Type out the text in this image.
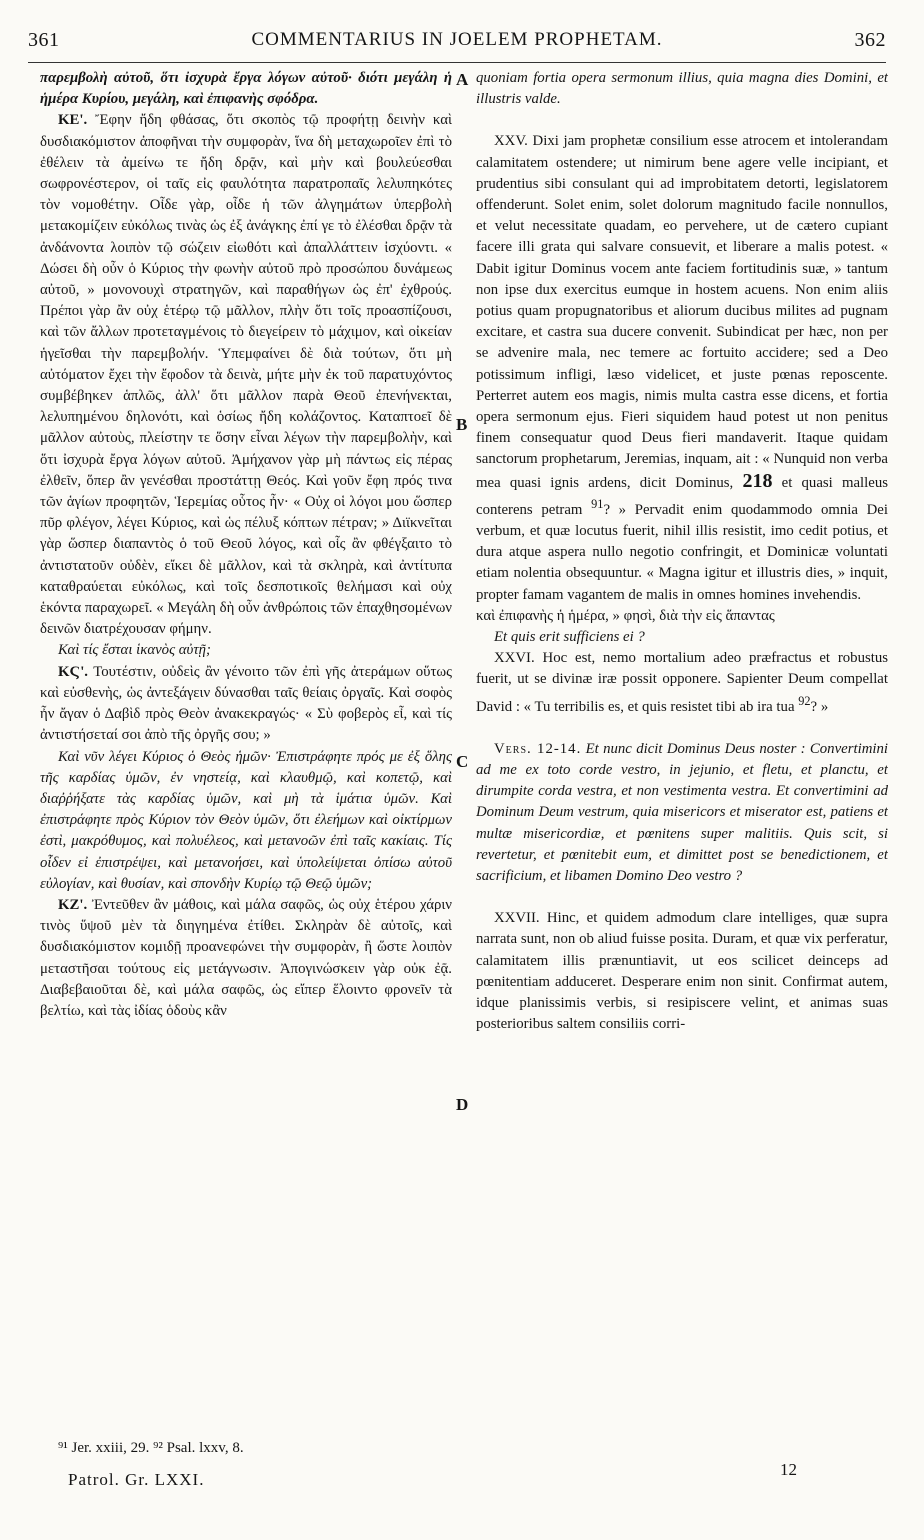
361	COMMENTARIUS IN JOELEM PROPHETAM.	362
A
B
C
D

παρεμβολὴ αὐτοῦ, ὅτι ἰσχυρὰ ἔργα λόγων αὐτοῦ· διότι μεγάλη ἡ ἡμέρα Κυρίου, μεγάλη, καὶ ἐπιφανὴς σφόδρα.

ΚΕ'. Ἔφην ἤδη φθάσας, ὅτι σκοπὸς τῷ προφήτῃ δεινὴν καὶ δυσδιακόμιστον ἀποφῆναι τὴν συμφορὰν, ἵνα δὴ μεταχωροῖεν ἐπὶ τὸ ἐθέλειν τὰ ἀμείνω τε ἤδη δρᾷν, καὶ μὴν καὶ βουλεύεσθαι σωφρονέστερον, οἱ ταῖς εἰς φαυλότητα παρατροπαῖς λελυπηκότες τὸν νομοθέτην. Οἶδε γὰρ, οἶδε ἡ τῶν ἀλγημάτων ὑπερβολὴ μετακομίζειν εὐκόλως τινὰς ὡς ἐξ ἀνάγκης ἐπί γε τὸ ἐλέσθαι δρᾷν τὰ ἀνδάνοντα λοιπὸν τῷ σώζειν εἰωθότι καὶ ἀπαλλάττειν ἰσχύοντι. « Δώσει δὴ οὖν ὁ Κύριος τὴν φωνὴν αὐτοῦ πρὸ προσώπου δυνάμεως αὐτοῦ, » μονονουχὶ στρατηγῶν, καὶ παραθήγων ὡς ἐπ' ἐχθρούς. Πρέποι γὰρ ἂν οὐχ ἑτέρῳ τῷ μᾶλλον, πλὴν ὅτι τοῖς προασπίζουσι, καὶ τῶν ἄλλων προτεταγμένοις τὸ διεγείρειν τὸ μάχιμον, καὶ οἰκείαν ἡγεῖσθαι τὴν παρεμβολήν. Ὑπεμφαίνει δὲ διὰ τούτων, ὅτι μὴ αὐτόματον ἔχει τὴν ἔφοδον τὰ δεινὰ, μήτε μὴν ἐκ τοῦ παρατυχόντος συμβέβηκεν ἁπλῶς, ἀλλ' ὅτι μᾶλλον παρὰ Θεοῦ ἐπενήνεκται, λελυπημένου δηλονότι, καὶ ὁσίως ἤδη κολάζοντος. Καταπτοεῖ δὲ μᾶλλον αὐτοὺς, πλείστην τε ὅσην εἶναι λέγων τὴν παρεμβολὴν, καὶ ὅτι ἰσχυρὰ ἔργα λόγων αὐτοῦ. Ἀμήχανον γὰρ μὴ πάντως εἰς πέρας ἐλθεῖν, ὅπερ ἂν γενέσθαι προστάττῃ Θεός. Καὶ γοῦν ἔφη πρός τινα τῶν ἁγίων προφητῶν, Ἱερεμίας οὗτος ἦν· « Οὐχ οἱ λόγοι μου ὥσπερ πῦρ φλέγον, λέγει Κύριος, καὶ ὡς πέλυξ κόπτων πέτραν; » Διϊκνεῖται γὰρ ὥσπερ διαπαντὸς ὁ τοῦ Θεοῦ λόγος, καὶ οἷς ἂν φθέγξαιτο τὸ ἀντιστατοῦν οὐδὲν, εἴκει δὲ μᾶλλον, καὶ τὰ σκληρὰ, καὶ ἀντίτυπα καταθραύεται εὐκόλως, καὶ τοῖς δεσποτικοῖς θελήμασι καὶ οὐχ ἑκόντα παραχωρεῖ. « Μεγάλη δὴ οὖν ἀνθρώποις τῶν ἐπαχθησομένων δεινῶν διατρέχουσαν φήμην.

Καὶ τίς ἔσται ἱκανὸς αὐτῇ;

ΚϚ'. Τουτέστιν, οὐδεὶς ἂν γένοιτο τῶν ἐπὶ γῆς ἀτεράμων οὕτως καὶ εὐσθενὴς, ὡς ἀντεξάγειν δύνασθαι ταῖς θείαις ὀργαῖς. Καὶ σοφὸς ἦν ἄγαν ὁ Δαβὶδ πρὸς Θεὸν ἀνακεκραγώς· « Σὺ φοβερὸς εἶ, καὶ τίς ἀντιστήσεταί σοι ἀπὸ τῆς ὀργῆς σου; »

Καὶ νῦν λέγει Κύριος ὁ Θεὸς ἡμῶν· Ἐπιστράφητε πρός με ἐξ ὅλης τῆς καρδίας ὑμῶν, ἐν νηστείᾳ, καὶ κλαυθμῷ, καὶ κοπετῷ, καὶ διαῤῥήξατε τὰς καρδίας ὑμῶν, καὶ μὴ τὰ ἱμάτια ὑμῶν. Καὶ ἐπιστράφητε πρὸς Κύριον τὸν Θεὸν ὑμῶν, ὅτι ἐλεήμων καὶ οἰκτίρμων ἐστὶ, μακρόθυμος, καὶ πολυέλεος, καὶ μετανοῶν ἐπὶ ταῖς κακίαις. Τίς οἶδεν εἰ ἐπιστρέψει, καὶ μετανοήσει, καὶ ὑπολείψεται ὀπίσω αὐτοῦ εὐλογίαν, καὶ θυσίαν, καὶ σπονδὴν Κυρίῳ τῷ Θεῷ ὑμῶν;

ΚΖ'. Ἐντεῦθεν ἂν μάθοις, καὶ μάλα σαφῶς, ὡς οὐχ ἑτέρου χάριν τινὸς ὕψοῦ μὲν τὰ διηγημένα ἐτίθει. Σκληρὰν δὲ αὐτοῖς, καὶ δυσδιακόμιστον κομιδῇ προανεφώνει τὴν συμφορὰν, ἢ ὥστε λοιπὸν μεταστῆσαι τούτους εἰς μετάγνωσιν. Ἀπογινώσκειν γὰρ οὐκ ἐᾷ. Διαβεβαιοῦται δὲ, καὶ μάλα σαφῶς, ὡς εἴπερ ἕλοιντο φρονεῖν τὰ βελτίω, καὶ τὰς ἰδίας ὁδοὺς κἂν

quoniam fortia opera sermonum illius, quia magna dies Domini, et illustris valde.

XXV. Dixi jam prophetæ consilium esse atrocem et intolerandam calamitatem ostendere; ut nimirum bene agere velle incipiant, et prudentius sibi consulant qui ad improbitatem detorti, legislatorem offenderunt. Solet enim, solet dolorum magnitudo facile nonnullos, et velut necessitate quadam, eo pervehere, ut de cætero cupiant facere illi grata qui salvare consuevit, et liberare a malis potest. « Dabit igitur Dominus vocem ante faciem fortitudinis suæ, » tantum non ipse dux exercitus eumque in hostem acuens. Non enim aliis potius quam propugnatoribus et aliorum ducibus milites ad pugnam excitare, et castra sua ducere convenit. Subindicat per hæc, non per se advenire mala, nec temere ac fortuito accidere; sed a Deo potissimum infligi, læso videlicet, et juste pœnas reposcente. Perterret autem eos magis, nimis multa castra esse dicens, et fortia opera sermonum ejus. Fieri siquidem haud potest ut non penitus finem consequatur quod Deus fieri mandaverit. Itaque quidam sanctorum prophetarum, Jeremias, inquam, ait : « Nunquid non verba mea quasi ignis ardens, dicit Dominus, 218 et quasi malleus conterens petram $^{91}$? » Pervadit enim quodammodo omnia Dei verbum, et quæ locutus fuerit, nihil illis resistit, imo cedit potius, et dura atque aspera nullo negotio confringit, et Dominicæ voluntati etiam nolentia obsequuntur. « Magna igitur et illustris dies, » inquit, propter famam vagantem de malis in omnes homines invehendis.

καὶ ἐπιφανὴς ἡ ἡμέρα, » φησὶ, διὰ τὴν εἰς ἅπαντας

Et quis erit sufficiens ei ?

XXVI. Hoc est, nemo mortalium adeo præfractus et robustus fuerit, ut se divinæ iræ possit opponere. Sapienter Deum compellat David : « Tu terribilis es, et quis resistet tibi ab ira tua $^{92}$? »

Vers. 12-14. Et nunc dicit Dominus Deus noster : Convertimini ad me ex toto corde vestro, in jejunio, et fletu, et planctu, et dirumpite corda vestra, et non vestimenta vestra. Et convertimini ad Dominum Deum vestrum, quia misericors et miserator est, patiens et multæ misericordiæ, et pœnitens super malitiis. Quis scit, si revertetur, et pœnitebit eum, et dimittet post se benedictionem, et sacrificium, et libamen Domino Deo vestro ?

XXVII. Hinc, et quidem admodum clare intelliges, quæ supra narrata sunt, non ob aliud fuisse posita. Duram, et quæ vix perferatur, calamitatem illis prænuntiavit, ut eos scilicet deinceps ad pœnitentiam adduceret. Desperare enim non sinit. Confirmat autem, idque planissimis verbis, si resipiscere velint, et animas suas posterioribus saltem consiliis corri-

⁹¹ Jer. xxiii, 29. ⁹² Psal. lxxv, 8.
Patrol. Gr. LXXI.
12
